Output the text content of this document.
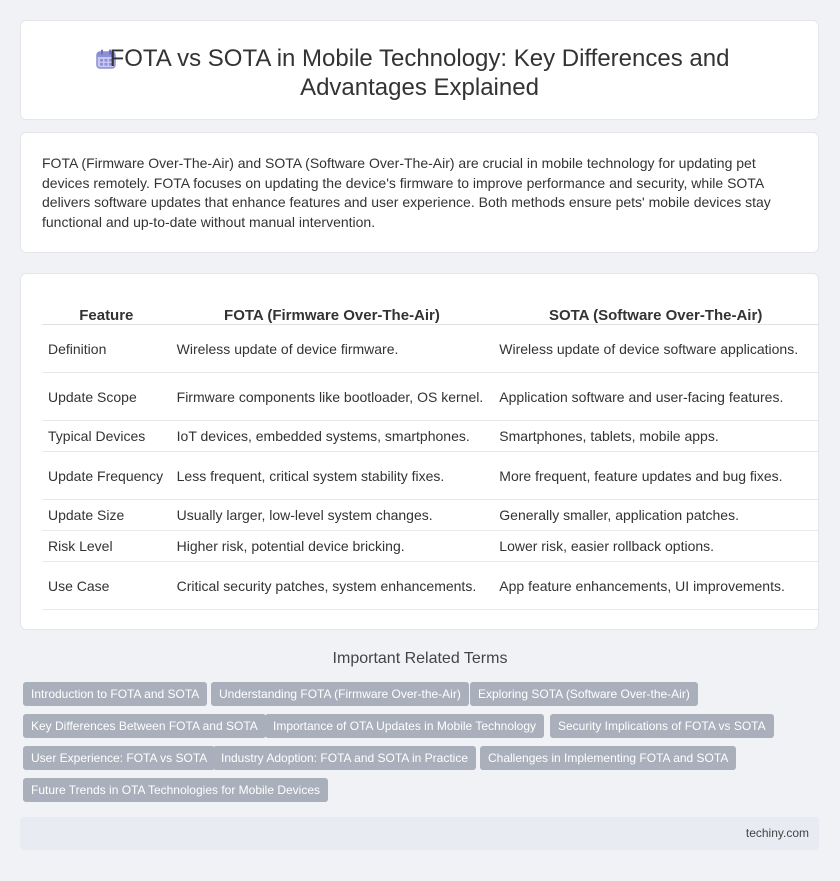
FOTA vs SOTA in Mobile Technology: Key Differences and Advantages Explained

FOTA (Firmware Over-The-Air) and SOTA (Software Over-The-Air) are crucial in mobile technology for updating pet devices remotely. FOTA focuses on updating the device's firmware to improve performance and security, while SOTA delivers software updates that enhance features and user experience. Both methods ensure pets' mobile devices stay functional and up-to-date without manual intervention.

Feature	FOTA (Firmware Over-The-Air)	SOTA (Software Over-The-Air)
Definition	Wireless update of device firmware.	Wireless update of device software applications.
Update Scope	Firmware components like bootloader, OS kernel.	Application software and user-facing features.
Typical Devices	IoT devices, embedded systems, smartphones.	Smartphones, tablets, mobile apps.
Update Frequency	Less frequent, critical system stability fixes.	More frequent, feature updates and bug fixes.
Update Size	Usually larger, low-level system changes.	Generally smaller, application patches.
Risk Level	Higher risk, potential device bricking.	Lower risk, easier rollback options.
Use Case	Critical security patches, system enhancements.	App feature enhancements, UI improvements.
Important Related Terms
Introduction to FOTA and SOTA	Understanding FOTA (Firmware Over-the-Air)	Exploring SOTA (Software Over-the-Air)
Key Differences Between FOTA and SOTA	Importance of OTA Updates in Mobile Technology	Security Implications of FOTA vs SOTA
User Experience: FOTA vs SOTA	Industry Adoption: FOTA and SOTA in Practice	Challenges in Implementing FOTA and SOTA
Future Trends in OTA Technologies for Mobile Devices
techiny.com
